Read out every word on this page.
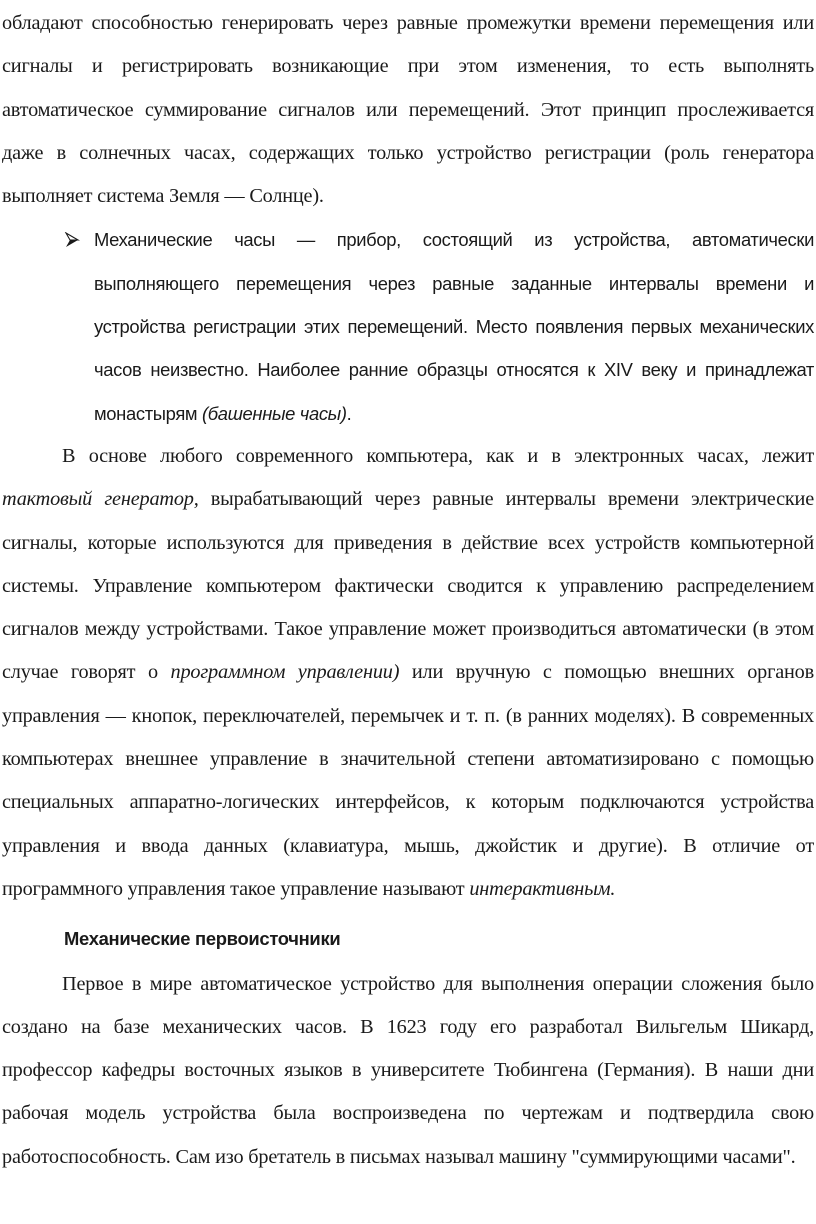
обладают способностью генерировать через равные промежутки времени перемещения или сигналы и регистрировать возникающие при этом изменения, то есть выполнять автоматическое суммирование сигналов или перемещений. Этот принцип прослеживается даже в солнечных часах, содержащих только устройство регистрации (роль генератора выполняет система Земля — Солнце).

Механические часы — прибор, состоящий из устройства, автоматически выполняющего перемещения через равные заданные интервалы времени и устройства регистрации этих перемещений. Место появления первых механических часов неизвестно. Наиболее ранние образцы относятся к XIV веку и принадлежат монастырям (башенные часы).

В основе любого современного компьютера, как и в электронных часах, лежит тактовый генератор, вырабатывающий через равные интервалы времени электрические сигналы, которые используются для приведения в действие всех устройств компьютерной системы. Управление компьютером фактически сводится к управлению распределением сигналов между устройствами. Такое управление может производиться автоматически (в этом случае говорят о программном управлении) или вручную с помощью внешних органов управления — кнопок, переключателей, перемычек и т. п. (в ранних моделях). В современных компьютерах внешнее управление в значительной степени автоматизировано с помощью специальных аппаратно-логических интерфейсов, к которым подключаются устройства управления и ввода данных (клавиатура, мышь, джойстик и другие). В отличие от программного управления такое управление называют интерактивным.

Механические первоисточники

Первое в мире автоматическое устройство для выполнения операции сложения было создано на базе механических часов. В 1623 году его разработал Вильгельм Шикард, профессор кафедры восточных языков в университете Тюбингена (Германия). В наши дни рабочая модель устройства была воспроизведена по чертежам и подтвердила свою работоспособность. Сам изо бретатель в письмах называл машину "суммирующими часами".
